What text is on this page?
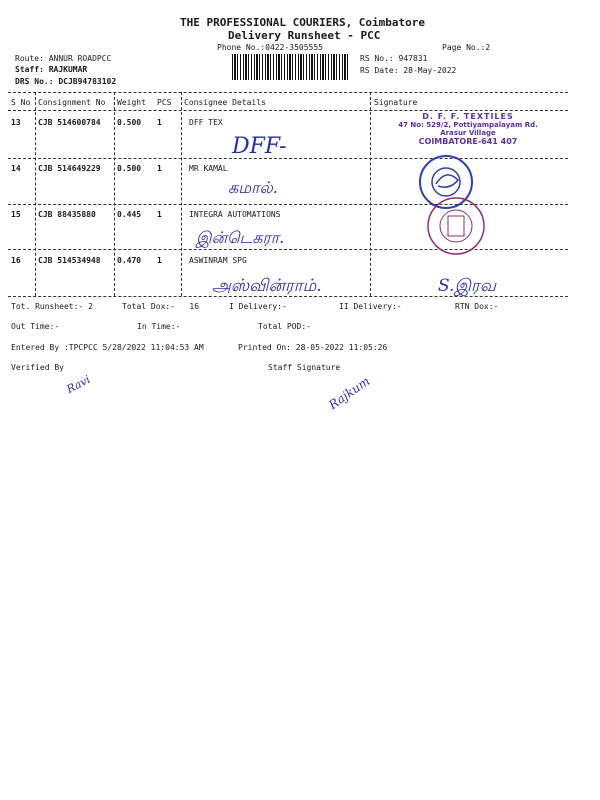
THE PROFESSIONAL COURIERS, Coimbatore
Delivery Runsheet - PCC
Phone No.:0422-3505555	Page No.:2
Route: ANNUR ROADPCC
Staff: RAJKUMAR
DRS No.: DCJB94783102
RS No.: 947831
RS Date: 28-May-2022
S No Consignment No Weight PCS Consignee Details	Signature
13 CJB 514600784 0.500 1	DFF TEX
14 CJB 514649229 0.500 1	MR KAMAL
15 CJB 88435880	0.445 1	INTEGRA AUTOMATIONS
16 CJB 514534948 0.470 1	ASWINRAM SPG
DFF-
கமால்.
இன்டெகரா.
அஸ்வின்ராம்.
D. F. F. TEXTILES
47 No: 529/2, Pottiyampalayam Rd.
Arasur Village
COIMBATORE-641 407
S.இரவ
Tot. Runsheet:- 2	Total Dox:-   16	I Delivery:-	II Delivery:-	RTN Dox:-
Out Time:-	In Time:-	Total POD:-
Entered By :TPCPCC 5/28/2022 11:04:53 AM	Printed On: 28-05-2022 11:05:26
Verified By	Staff Signature
Ravi	Rajkum
